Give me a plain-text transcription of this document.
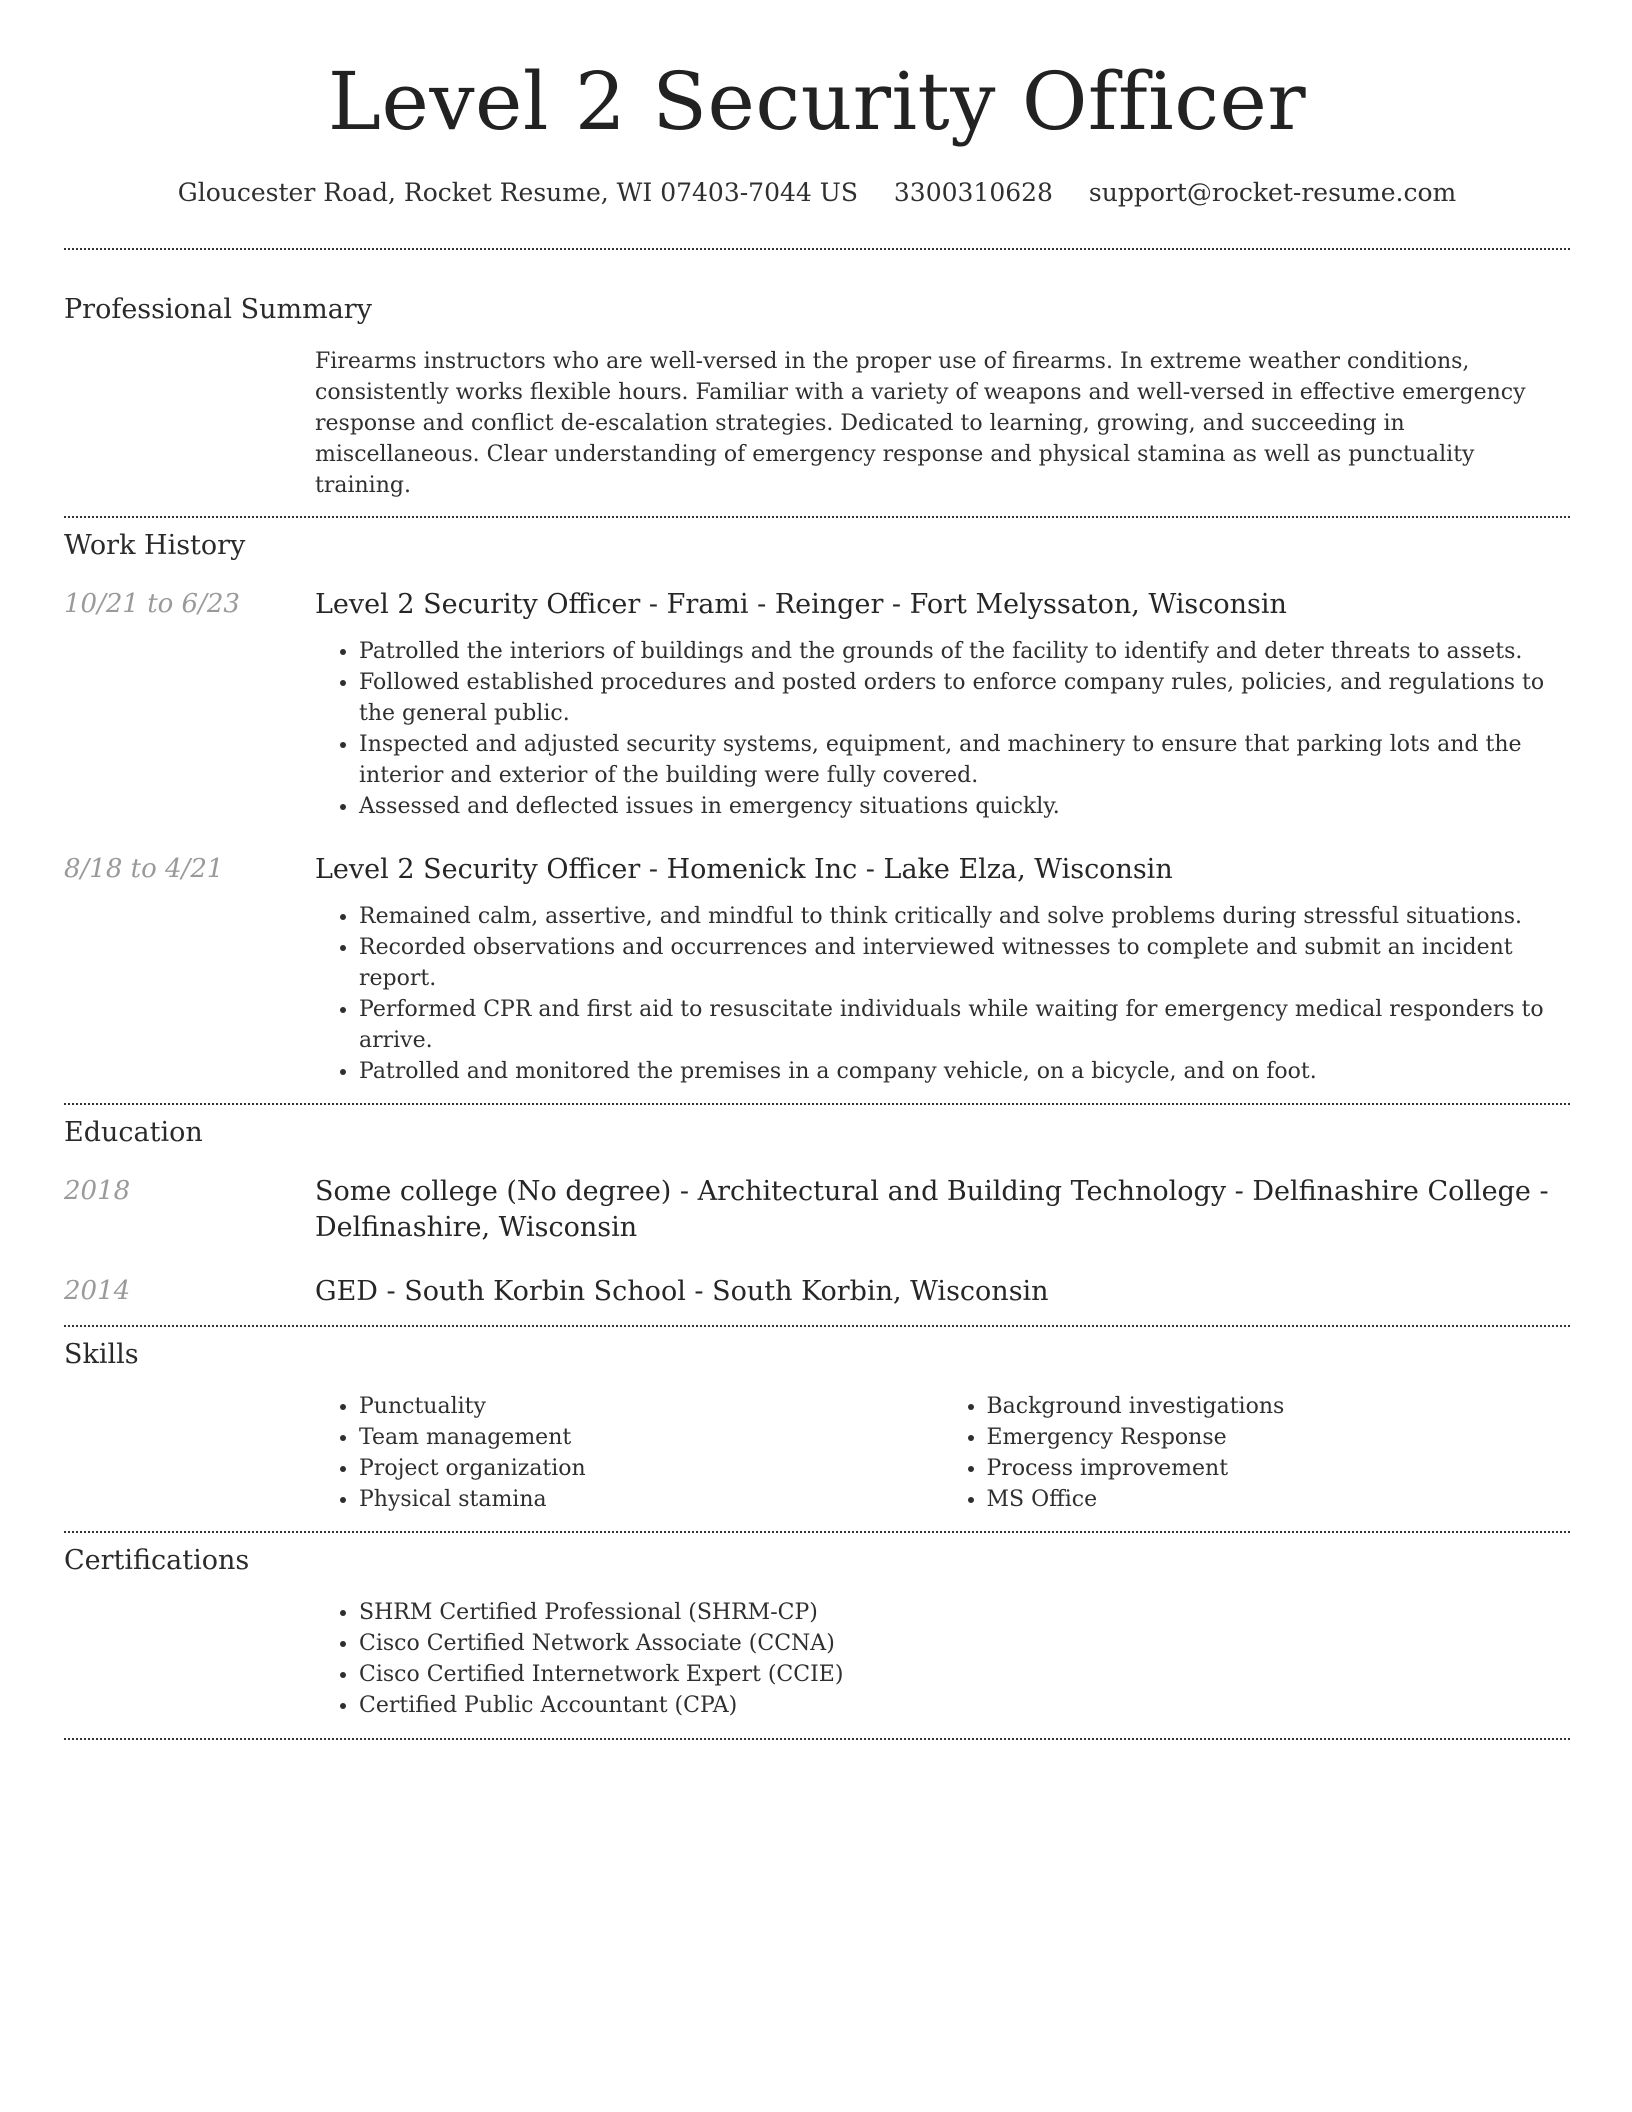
Level 2 Security Officer
Gloucester Road, Rocket Resume, WI 07403-7044 US 3300310628 support@rocket-resume.com
Professional Summary
Firearms instructors who are well-versed in the proper use of firearms. In extreme weather conditions, consistently works flexible hours. Familiar with a variety of weapons and well-versed in effective emergency response and conflict de-escalation strategies. Dedicated to learning, growing, and succeeding in miscellaneous. Clear understanding of emergency response and physical stamina as well as punctuality training.
Work History
10/21 to 6/23	Level 2 Security Officer - Frami - Reinger - Fort Melyssaton, Wisconsin
• Patrolled the interiors of buildings and the grounds of the facility to identify and deter threats to assets.
• Followed established procedures and posted orders to enforce company rules, policies, and regulations to the general public.
• Inspected and adjusted security systems, equipment, and machinery to ensure that parking lots and the interior and exterior of the building were fully covered.
• Assessed and deflected issues in emergency situations quickly.
8/18 to 4/21	Level 2 Security Officer - Homenick Inc - Lake Elza, Wisconsin
• Remained calm, assertive, and mindful to think critically and solve problems during stressful situations.
• Recorded observations and occurrences and interviewed witnesses to complete and submit an incident report.
• Performed CPR and first aid to resuscitate individuals while waiting for emergency medical responders to arrive.
• Patrolled and monitored the premises in a company vehicle, on a bicycle, and on foot.
Education
2018	Some college (No degree) - Architectural and Building Technology - Delfinashire College - Delfinashire, Wisconsin
2014	GED - South Korbin School - South Korbin, Wisconsin
Skills
• Punctuality
• Team management
• Project organization
• Physical stamina
• Background investigations
• Emergency Response
• Process improvement
• MS Office
Certifications
• SHRM Certified Professional (SHRM-CP)
• Cisco Certified Network Associate (CCNA)
• Cisco Certified Internetwork Expert (CCIE)
• Certified Public Accountant (CPA)
